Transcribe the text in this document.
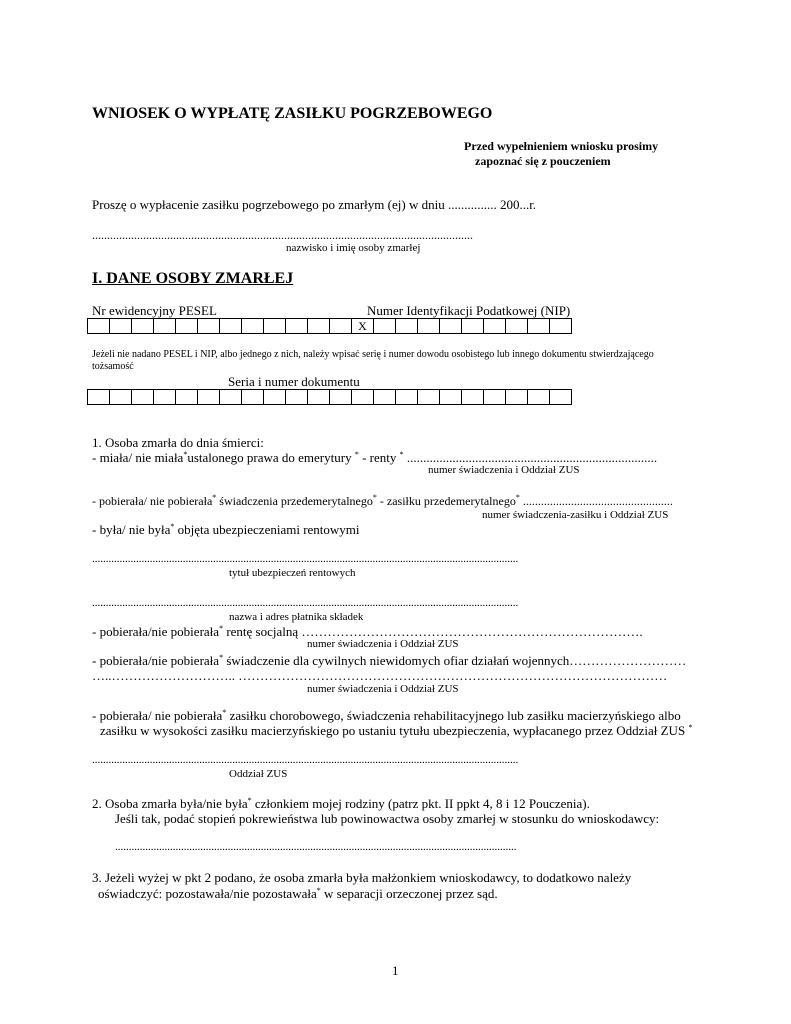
WNIOSEK O WYPŁATĘ ZASIŁKU POGRZEBOWEGO
Przed wypełnieniem wniosku prosimy
zapoznać się z pouczeniem
Proszę o wypłacenie zasiłku pogrzebowego po zmarłym (ej) w dniu ............... 200...r.
...............................................................................................................................
nazwisko i imię osoby zmarłej
I. DANE OSOBY ZMARŁEJ
Nr ewidencyjny PESEL	Numer Identyfikacji Podatkowej (NIP)
												X									
Jeżeli nie nadano PESEL i NIP, albo jednego z nich, należy wpisać serię i numer dowodu osobistego lub innego dokumentu stwierdzającego
tożsamość
Seria i numer dokumentu

1. Osoba zmarła do dnia śmierci:
- miała/ nie miała*ustalonego prawa do emerytury * - renty * .............................................................................
numer świadczenia i Oddział ZUS
- pobierała/ nie pobierała* świadczenia przedemerytalnego* - zasiłku przedemerytalnego* ..................................................
numer świadczenia-zasiłku i Oddział ZUS
- była/ nie była* objęta ubezpieczeniami rentowymi
...........................................................................................................................................................
tytuł ubezpieczeń rentowych
...........................................................................................................................................................
nazwa i adres płatnika składek
- pobierała/nie pobierała* rentę socjalną …………………………………………………………………….
numer świadczenia i Oddział ZUS
- pobierała/nie pobierała* świadczenie dla cywilnych niewidomych ofiar działań wojennych………………………
…..……………………….. ………………………………………………………………………………………
numer świadczenia i Oddział ZUS
- pobierała/ nie pobierała* zasiłku chorobowego, świadczenia rehabilitacyjnego lub zasiłku macierzyńskiego albo
zasiłku w wysokości zasiłku macierzyńskiego po ustaniu tytułu ubezpieczenia, wypłacanego przez Oddział ZUS *
...........................................................................................................................................................
Oddział ZUS
2. Osoba zmarła była/nie była* członkiem mojej rodziny (patrz pkt. II ppkt 4, 8 i 12 Pouczenia).
Jeśli tak, podać stopień pokrewieństwa lub powinowactwa osoby zmarłej w stosunku do wnioskodawcy:
..................................................................................................................................................
3. Jeżeli wyżej w pkt 2 podano, że osoba zmarła była małżonkiem wnioskodawcy, to dodatkowo należy
oświadczyć: pozostawała/nie pozostawała* w separacji orzeczonej przez sąd.
1
